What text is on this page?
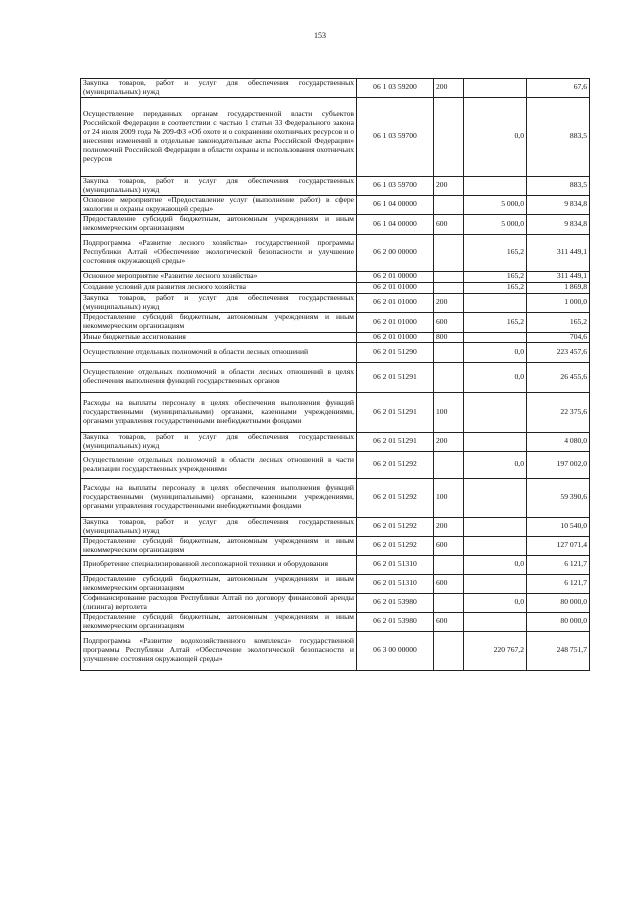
153
Закупка товаров, работ и услуг для обеспечения государственных (муниципальных) нужд	06 1 03 59200	200		67,6
Осуществление переданных органам государственной власти субъектов Российской Федерации в соответствии с частью 1 статьи 33 Федерального закона от 24 июля 2009 года № 209-ФЗ «Об охоте и о сохранении охотничьих ресурсов и о внесении изменений в отдельные законодательные акты Российской Федерации» полномочий Российской Федерации в области охраны и использования охотничьих ресурсов	06 1 03 59700		0,0	883,5
Закупка товаров, работ и услуг для обеспечения государственных (муниципальных) нужд	06 1 03 59700	200		883,5
Основное мероприятие «Предоставление услуг (выполнение работ) в сфере экологии и охраны окружающей среды»	06 1 04 00000		5 000,0	9 834,8
Предоставление субсидий бюджетным, автономным учреждениям и иным некоммерческим организациям	06 1 04 00000	600	5 000,0	9 834,8
Подпрограмма «Развитие лесного хозяйства» государственной программы Республики Алтай «Обеспечение экологической безопасности и улучшение состояния окружающей среды»	06 2 00 00000		165,2	311 449,1
Основное мероприятие «Развитие лесного хозяйства»	06 2 01 00000		165,2	311 449,1
Создание условий для развития лесного хозяйства	06 2 01 01000		165,2	1 869,8
Закупка товаров, работ и услуг для обеспечения государственных (муниципальных) нужд	06 2 01 01000	200		1 000,0
Предоставление субсидий бюджетным, автономным учреждениям и иным некоммерческим организациям	06 2 01 01000	600	165,2	165,2
Иные бюджетные ассигнования	06 2 01 01000	800		704,6
Осуществление отдельных полномочий в области лесных отношений	06 2 01 51290		0,0	223 457,6
Осуществление отдельных полномочий в области лесных отношений в целях обеспечения выполнения функций государственных органов	06 2 01 51291		0,0	26 455,6
Расходы на выплаты персоналу в целях обеспечения выполнения функций государственными (муниципальными) органами, казенными учреждениями, органами управления государственными внебюджетными фондами	06 2 01 51291	100		22 375,6
Закупка товаров, работ и услуг для обеспечения государственных (муниципальных) нужд	06 2 01 51291	200		4 080,0
Осуществление отдельных полномочий в области лесных отношений в части реализации государственных учреждениями	06 2 01 51292		0,0	197 002,0
Расходы на выплаты персоналу в целях обеспечения выполнения функций государственными (муниципальными) органами, казенными учреждениями, органами управления государственными внебюджетными фондами	06 2 01 51292	100		59 390,6
Закупка товаров, работ и услуг для обеспечения государственных (муниципальных) нужд	06 2 01 51292	200		10 540,0
Предоставление субсидий бюджетным, автономным учреждениям и иным некоммерческим организациям	06 2 01 51292	600		127 071,4
Приобретение специализированной лесопожарной техники и оборудования	06 2 01 51310		0,0	6 121,7
Предоставление субсидий бюджетным, автономным учреждениям и иным некоммерческим организациям	06 2 01 51310	600		6 121,7
Софинансирование расходов Республики Алтай по договору финансовой аренды (лизинга) вертолета	06 2 01 53980		0,0	80 000,0
Предоставление субсидий бюджетным, автономным учреждениям и иным некоммерческим организациям	06 2 01 53980	600		80 000,0
Подпрограмма «Развитие водохозяйственного комплекса» государственной программы Республики Алтай «Обеспечение экологической безопасности и улучшение состояния окружающей среды»	06 3 00 00000		220 767,2	248 751,7
